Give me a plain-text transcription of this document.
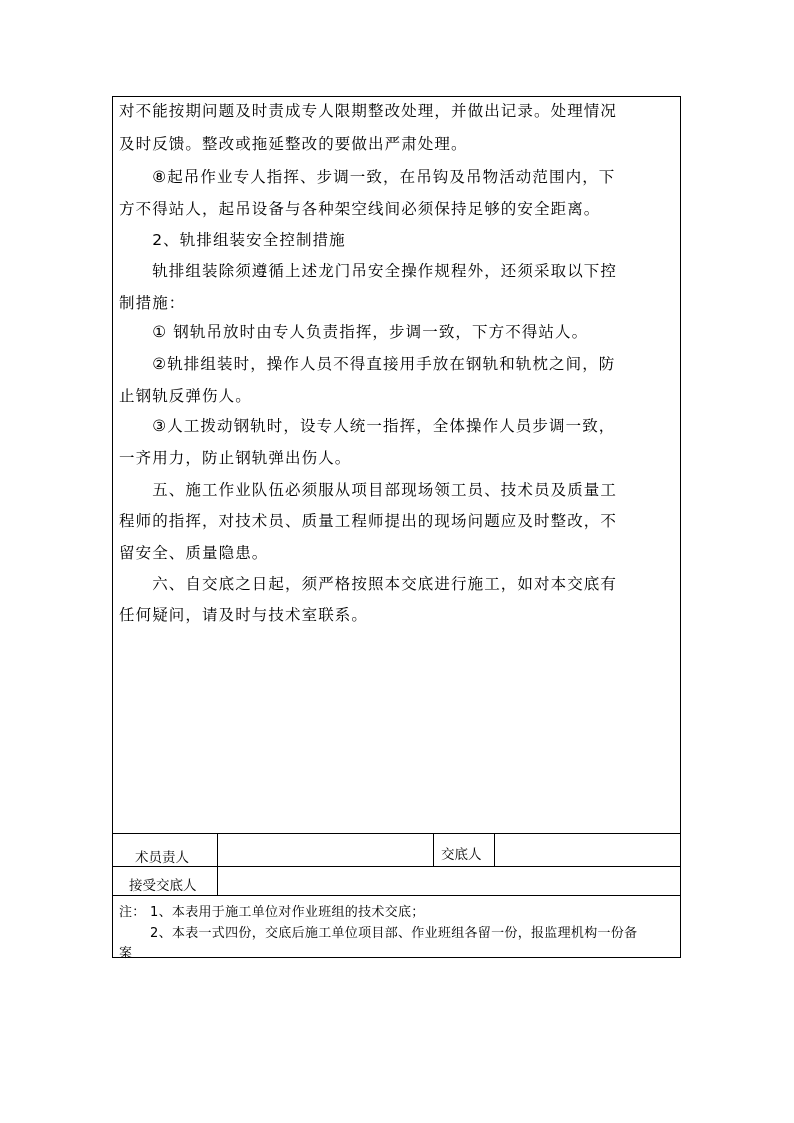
对不能按期问题及时责成专人限期整改处理，并做出记录。处理情况
及时反馈。整改或拖延整改的要做出严肃处理。
　　⑧起吊作业专人指挥、步调一致，在吊钩及吊物活动范围内，下
方不得站人，起吊设备与各种架空线间必须保持足够的安全距离。
　　2、轨排组装安全控制措施
　　轨排组装除须遵循上述龙门吊安全操作规程外，还须采取以下控
制措施：
　　① 钢轨吊放时由专人负责指挥，步调一致，下方不得站人。
　　②轨排组装时，操作人员不得直接用手放在钢轨和轨枕之间，防
止钢轨反弹伤人。
　　③人工拨动钢轨时，设专人统一指挥，全体操作人员步调一致，
一齐用力，防止钢轨弹出伤人。
　　五、施工作业队伍必须服从项目部现场领工员、技术员及质量工
程师的指挥，对技术员、质量工程师提出的现场问题应及时整改，不
留安全、质量隐患。
　　六、自交底之日起，须严格按照本交底进行施工，如对本交底有
任何疑问，请及时与技术室联系。
术员责人	交底人
接受交底人
注： 1、本表用于施工单位对作业班组的技术交底；
　　 2、本表一式四份，交底后施工单位项目部、作业班组各留一份，报监理机构一份备
案
